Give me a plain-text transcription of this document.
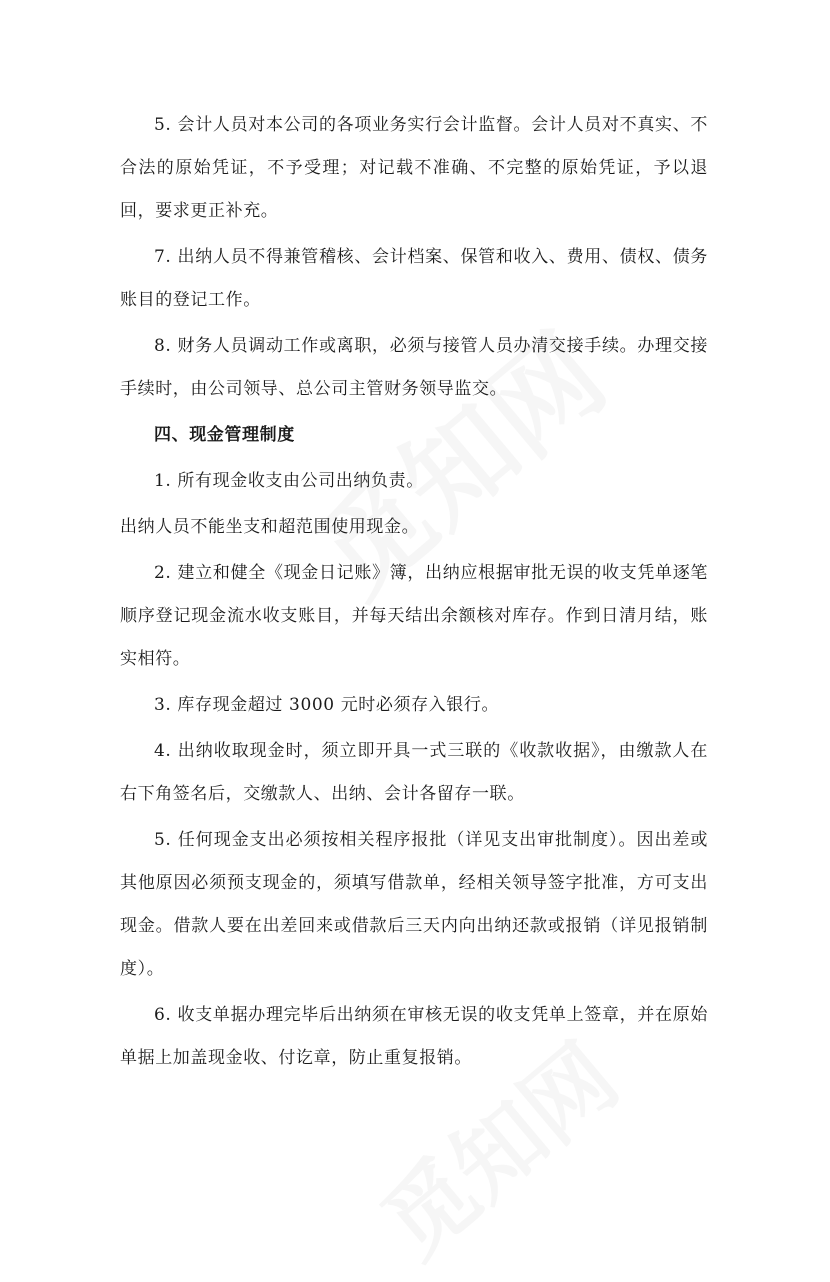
5. 会计人员对本公司的各项业务实行会计监督。会计人员对不真实、不合法的原始凭证，不予受理；对记载不准确、不完整的原始凭证，予以退回，要求更正补充。

7. 出纳人员不得兼管稽核、会计档案、保管和收入、费用、债权、债务账目的登记工作。

8. 财务人员调动工作或离职，必须与接管人员办清交接手续。办理交接手续时，由公司领导、总公司主管财务领导监交。

四、现金管理制度

1. 所有现金收支由公司出纳负责。

出纳人员不能坐支和超范围使用现金。

2. 建立和健全《现金日记账》簿，出纳应根据审批无误的收支凭单逐笔顺序登记现金流水收支账目，并每天结出余额核对库存。作到日清月结，账实相符。

3. 库存现金超过 3000 元时必须存入银行。

4. 出纳收取现金时，须立即开具一式三联的《收款收据》，由缴款人在右下角签名后，交缴款人、出纳、会计各留存一联。

5. 任何现金支出必须按相关程序报批（详见支出审批制度）。因出差或其他原因必须预支现金的，须填写借款单，经相关领导签字批准，方可支出现金。借款人要在出差回来或借款后三天内向出纳还款或报销（详见报销制度）。

6. 收支单据办理完毕后出纳须在审核无误的收支凭单上签章，并在原始单据上加盖现金收、付讫章，防止重复报销。
